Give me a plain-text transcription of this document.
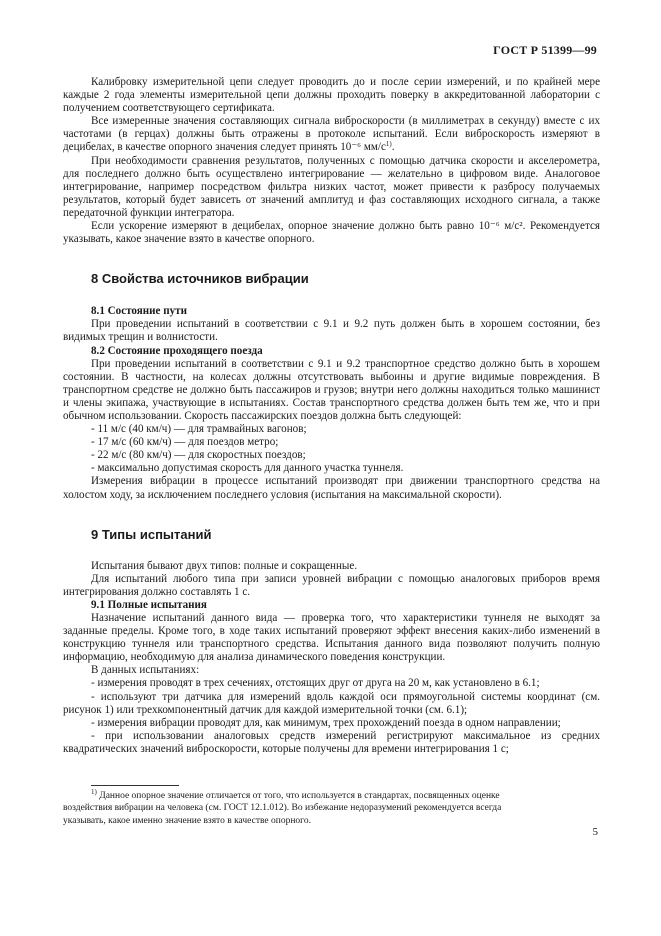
ГОСТ Р 51399—99

Калибровку измерительной цепи следует проводить до и после серии измерений, и по крайней мере каждые 2 года элементы измерительной цепи должны проходить поверку в аккредитованной лаборатории с получением соответствующего сертификата.

Все измеренные значения составляющих сигнала виброскорости (в миллиметрах в секунду) вместе с их частотами (в герцах) должны быть отражены в протоколе испытаний. Если виброскорость измеряют в децибелах, в качестве опорного значения следует принять 10⁻⁶ $мм/с^{1)}$.

При необходимости сравнения результатов, полученных с помощью датчика скорости и акселерометра, для последнего должно быть осуществлено интегрирование — желательно в цифровом виде. Аналоговое интегрирование, например посредством фильтра низких частот, может привести к разбросу получаемых результатов, который будет зависеть от значений амплитуд и фаз составляющих исходного сигнала, а также передаточной функции интегратора.

Если ускорение измеряют в децибелах, опорное значение должно быть равно 10⁻⁶ м/с². Рекомендуется указывать, какое значение взято в качестве опорного.

8 Свойства источников вибрации

8.1 Состояние пути

При проведении испытаний в соответствии с 9.1 и 9.2 путь должен быть в хорошем состоянии, без видимых трещин и волнистости.

8.2 Состояние проходящего поезда

При проведении испытаний в соответствии с 9.1 и 9.2 транспортное средство должно быть в хорошем состоянии. В частности, на колесах должны отсутствовать выбоины и другие видимые повреждения. В транспортном средстве не должно быть пассажиров и грузов; внутри него должны находиться только машинист и члены экипажа, участвующие в испытаниях. Состав транспортного средства должен быть тем же, что и при обычном использовании. Скорость пассажирских поездов должна быть следующей:

- 11 м/с (40 км/ч) — для трамвайных вагонов;

- 17 м/с (60 км/ч) — для поездов метро;

- 22 м/с (80 км/ч) — для скоростных поездов;

- максимально допустимая скорость для данного участка туннеля.

Измерения вибрации в процессе испытаний производят при движении транспортного средства на холостом ходу, за исключением последнего условия (испытания на максимальной скорости).

9 Типы испытаний

Испытания бывают двух типов: полные и сокращенные.

Для испытаний любого типа при записи уровней вибрации с помощью аналоговых приборов время интегрирования должно составлять 1 с.

9.1 Полные испытания

Назначение испытаний данного вида — проверка того, что характеристики туннеля не выходят за заданные пределы. Кроме того, в ходе таких испытаний проверяют эффект внесения каких-либо изменений в конструкцию туннеля или транспортного средства. Испытания данного вида позволяют получить полную информацию, необходимую для анализа динамического поведения конструкции.

В данных испытаниях:

- измерения проводят в трех сечениях, отстоящих друг от друга на 20 м, как установлено в 6.1;

- используют три датчика для измерений вдоль каждой оси прямоугольной системы координат (см. рисунок 1) или трехкомпонентный датчик для каждой измерительной точки (см. 6.1);

- измерения вибрации проводят для, как минимум, трех прохождений поезда в одном направлении;

- при использовании аналоговых средств измерений регистрируют максимальное из средних квадратических значений виброскорости, которые получены для времени интегрирования 1 с;

$^{1)}$ Данное опорное значение отличается от того, что используется в стандартах, посвященных оценке
воздействия вибрации на человека (см. ГОСТ 12.1.012). Во избежание недоразумений рекомендуется всегда
указывать, какое именно значение взято в качестве опорного.
5
